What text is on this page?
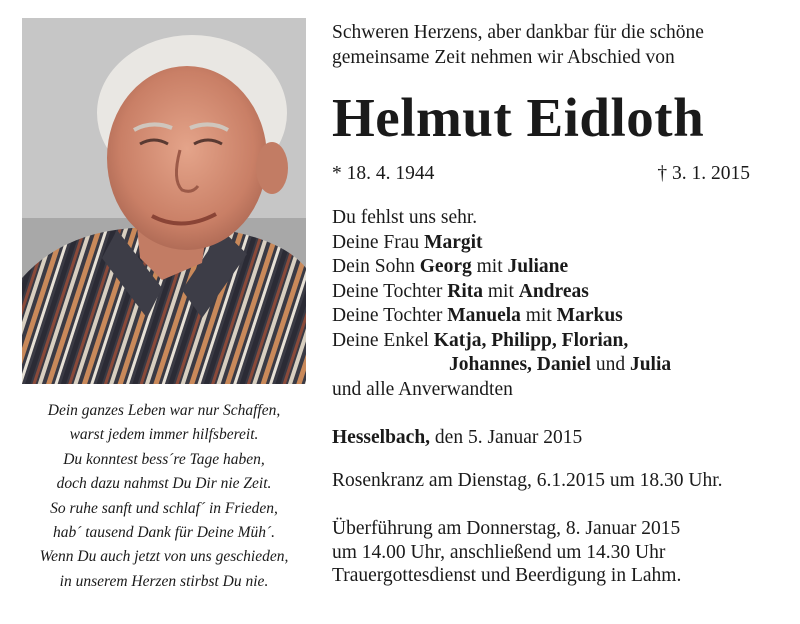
Dein ganzes Leben war nur Schaffen,
warst jedem immer hilfsbereit.
Du konntest bess´re Tage haben,
doch dazu nahmst Du Dir nie Zeit.
So ruhe sanft und schlaf´ in Frieden,
hab´ tausend Dank für Deine Müh´.
Wenn Du auch jetzt von uns geschieden,
in unserem Herzen stirbst Du nie.
Schweren Herzens, aber dankbar für die schöne
gemeinsame Zeit nehmen wir Abschied von
Helmut Eidloth
* 18. 4. 1944	† 3. 1. 2015
Du fehlst uns sehr.
Deine Frau Margit
Dein Sohn Georg mit Juliane
Deine Tochter Rita mit Andreas
Deine Tochter Manuela mit Markus
Deine Enkel Katja, Philipp, Florian,
Johannes, Daniel und Julia
und alle Anverwandten
Hesselbach, den 5. Januar 2015
Rosenkranz am Dienstag, 6.1.2015 um 18.30 Uhr.
Überführung am Donnerstag, 8. Januar 2015
um 14.00 Uhr, anschließend um 14.30 Uhr
Trauergottesdienst und Beerdigung in Lahm.
